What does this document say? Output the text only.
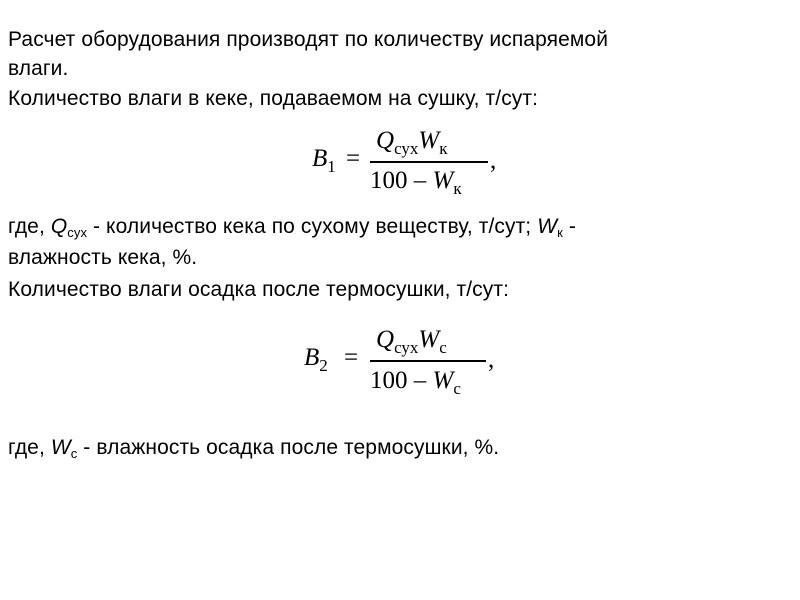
Расчет оборудования производят по количеству испаряемой
влаги.
Количество влаги в кеке, подаваемом на сушку, т/сут:
$B_1$ =
$Q_{сух}W_к$
$100 - W_к$
,
где, $Q_{сух}$ - количество кека по сухому веществу, т/сут; $W_к$ -
влажность кека, %.
Количество влаги осадка после термосушки, т/сут:
$B_2$ =
$Q_{сух}W_с$
$100 - W_с$
,
где, $W_с$ - влажность осадка после термосушки, %.
